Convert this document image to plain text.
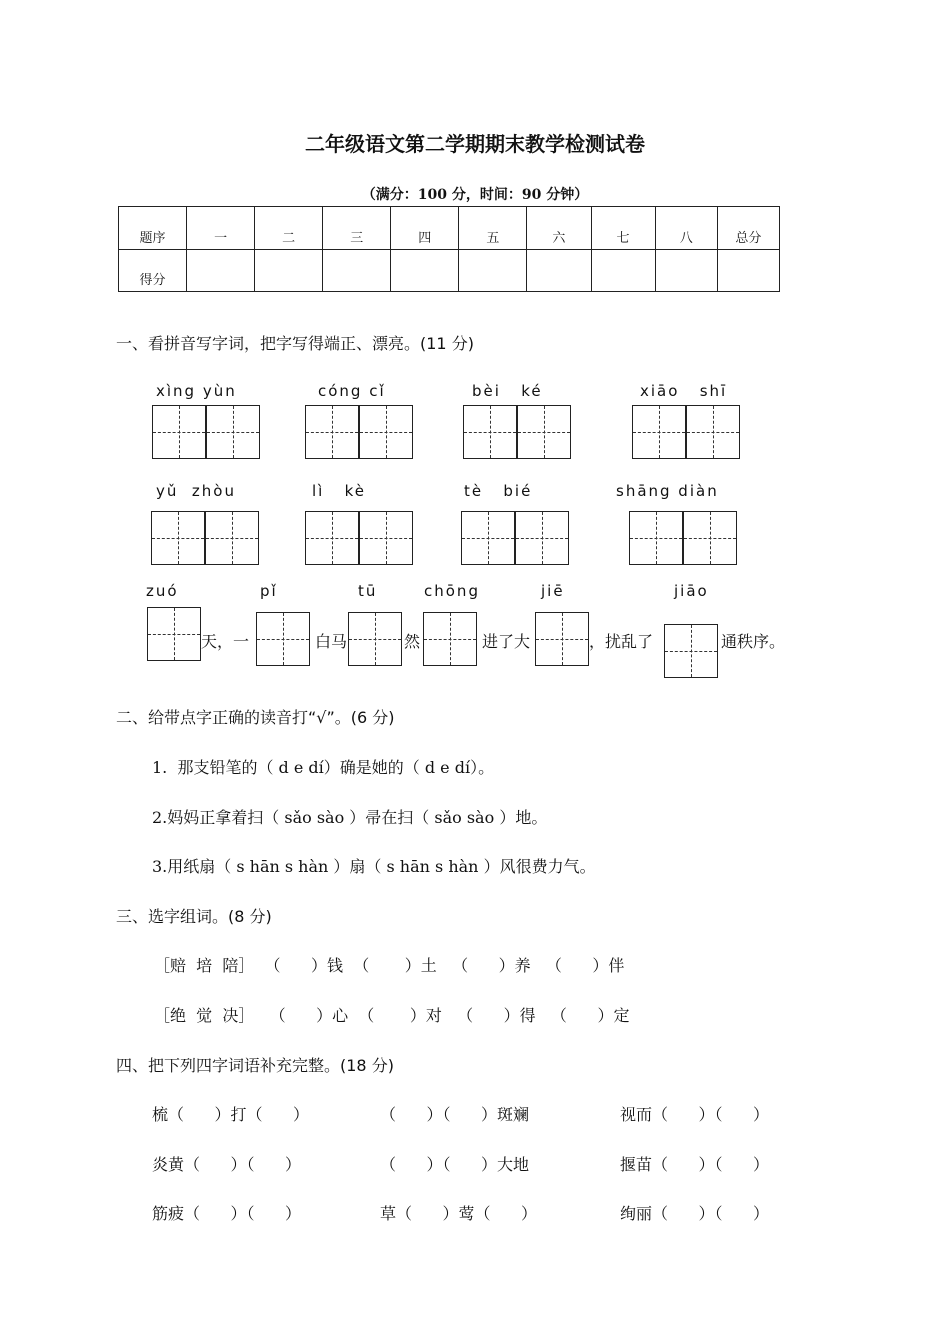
二年级语文第二学期期末教学检测试卷
（满分：100 分，时间：90 分钟）
题序	一	二	三	四	五	六	七	八	总分
得分									
一、看拼音写字词，把字写得端正、漂亮。(11 分)
xìng yùn	cóng cǐ	bèi   ké	xiāo   shī
yǔ  zhòu	lì   kè	tè   bié	shāng diàn
zuó	pǐ	tū	chōng	jiē	jiāo
天，一	白马	然	进了大	，扰乱了	通秩序。
二、给带点字正确的读音打“√”。(6 分)
1.  那支铅笔的（ d e dí）确是她的（ d e dí）。
2.妈妈正拿着扫（ sǎo sào ）帚在扫（ sǎo sào ）地。
3.用纸扇（ s hān s hàn ）扇（ s hān s hàn ）风很费力气。
三、选字组词。(8 分)
［赔  培  陪］  （      ）钱  （       ）土   （      ）养   （      ）伴
［绝  觉  决］   （      ）心  （       ）对   （      ）得   （      ）定
四、把下列四字词语补充完整。(18 分)
梳（      ）打（      ）	（      ）（      ）斑斓	视而（      ）（      ）
炎黄（      ）（      ）	（      ）（      ）大地	揠苗（      ）（      ）
筋疲（      ）（      ）	草（      ）莺（      ）	绚丽（      ）（      ）
